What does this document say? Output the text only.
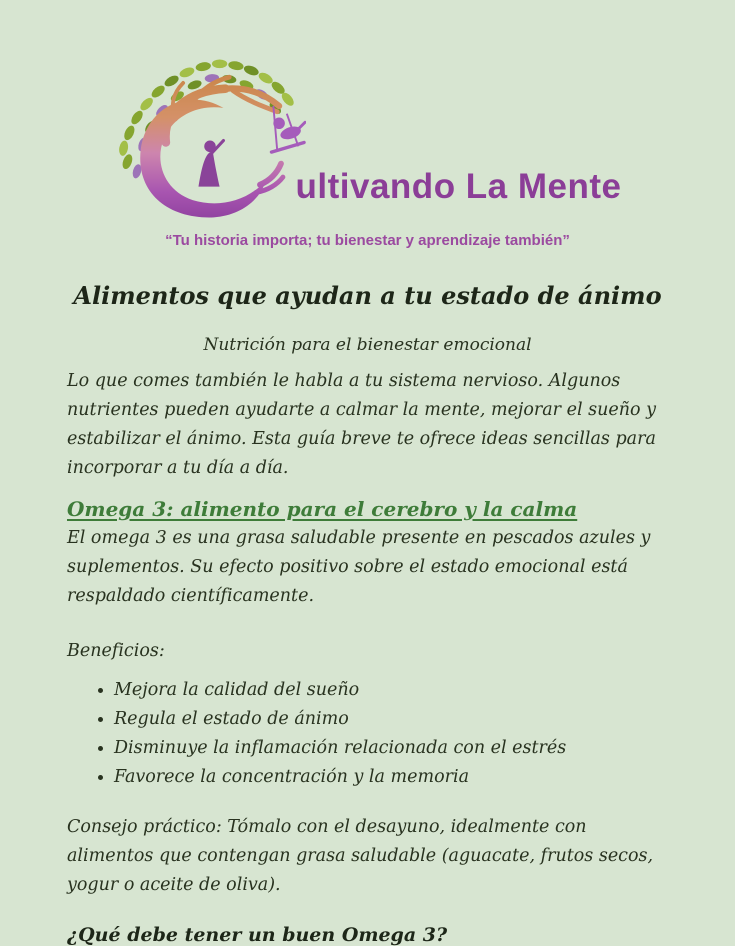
ultivando La Mente
“Tu historia importa; tu bienestar y aprendizaje también”
Alimentos que ayudan a tu estado de ánimo
Nutrición para el bienestar emocional

Lo que comes también le habla a tu sistema nervioso. Algunos nutrientes pueden ayudarte a calmar la mente, mejorar el sueño y estabilizar el ánimo. Esta guía breve te ofrece ideas sencillas para incorporar a tu día a día.

Omega 3: alimento para el cerebro y la calma

El omega 3 es una grasa saludable presente en pescados azules y suplementos. Su efecto positivo sobre el estado emocional está respaldado científicamente.

Beneficios:

• Mejora la calidad del sueño
• Regula el estado de ánimo
• Disminuye la inflamación relacionada con el estrés
• Favorece la concentración y la memoria

Consejo práctico: Tómalo con el desayuno, idealmente con alimentos que contengan grasa saludable (aguacate, frutos secos, yogur o aceite de oliva).

¿Qué debe tener un buen Omega 3?
